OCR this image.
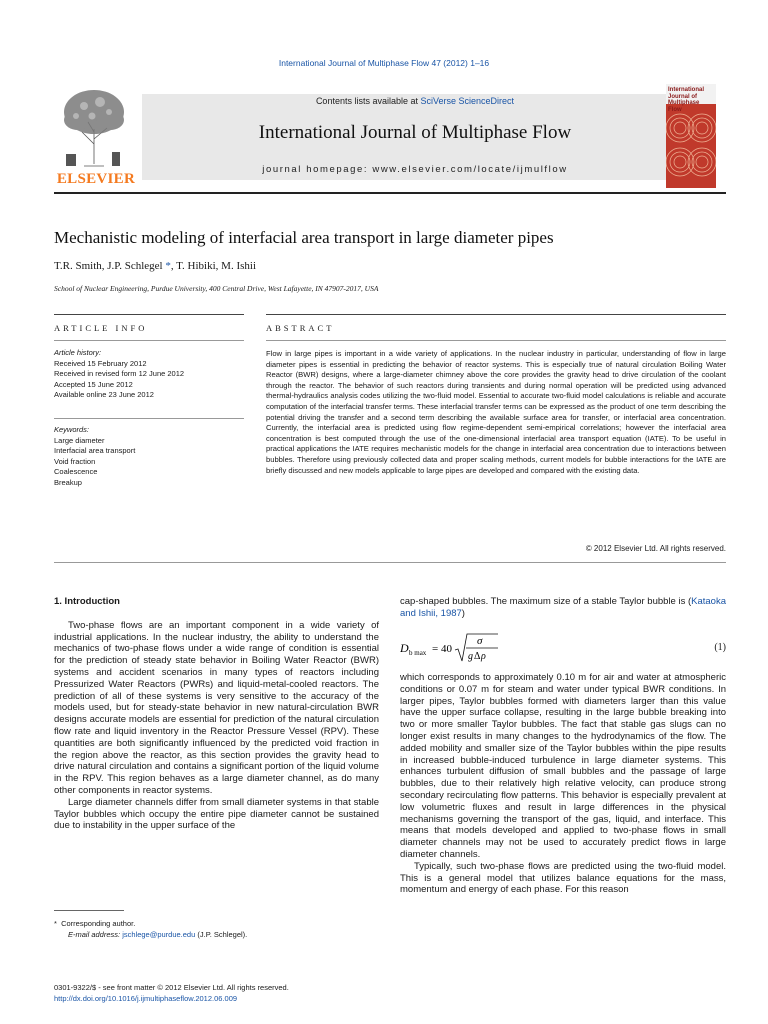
International Journal of Multiphase Flow 47 (2012) 1–16
ELSEVIER
Contents lists available at SciVerse ScienceDirect
International Journal of Multiphase Flow
journal homepage: www.elsevier.com/locate/ijmulflow
International Journal of Multiphase Flow
Mechanistic modeling of interfacial area transport in large diameter pipes
T.R. Smith, J.P. Schlegel *, T. Hibiki, M. Ishii
School of Nuclear Engineering, Purdue University, 400 Central Drive, West Lafayette, IN 47907-2017, USA
ARTICLE INFO	ABSTRACT
Article history:
Received 15 February 2012
Received in revised form 12 June 2012
Accepted 15 June 2012
Available online 23 June 2012
Keywords:
Large diameter
Interfacial area transport
Void fraction
Coalescence
Breakup
Flow in large pipes is important in a wide variety of applications. In the nuclear industry in particular, understanding of flow in large diameter pipes is essential in predicting the behavior of reactor systems. This is especially true of natural circulation Boiling Water Reactor (BWR) designs, where a large-diameter chimney above the core provides the gravity head to drive circulation of the coolant through the reactor. The behavior of such reactors during transients and during normal operation will be predicted using advanced thermal-hydraulics analysis codes utilizing the two-fluid model. Essential to accurate two-fluid model calculations is reliable and accurate computation of the interfacial transfer terms. These interfacial transfer terms can be expressed as the product of one term describing the potential driving the transfer and a second term describing the available surface area for transfer, or interfacial area concentration. Currently, the interfacial area is predicted using flow regime-dependent semi-empirical correlations; however the interfacial area concentration is best computed through the use of the one-dimensional interfacial area transport equation (IATE). To be useful in practical applications the IATE requires mechanistic models for the change in interfacial area concentration due to interactions between bubbles. Therefore using previously collected data and proper scaling methods, current models for bubble interactions for the IATE are briefly discussed and new models applicable to large pipes are developed and compared with the existing data.
© 2012 Elsevier Ltd. All rights reserved.
1. Introduction

Two-phase flows are an important component in a wide variety of industrial applications. In the nuclear industry, the ability to understand the mechanics of two-phase flows under a wide range of condition is essential for the prediction of steady state behavior in Boiling Water Reactor (BWR) systems and accident scenarios in many types of reactors including Pressurized Water Reactors (PWRs) and liquid-metal-cooled reactors. The prediction of all of these systems is very sensitive to the accuracy of the models used, but for steady-state behavior in new natural-circulation BWR designs accurate models are essential for prediction of the natural circulation flow rate and liquid inventory in the Reactor Pressure Vessel (RPV). These quantities are both significantly influenced by the predicted void fraction in the region above the reactor, as this section provides the gravity head to drive natural circulation and contains a significant portion of the liquid volume in the RPV. This region behaves as a large diameter channel, as do many other components in reactor systems.

Large diameter channels differ from small diameter systems in that stable Taylor bubbles which occupy the entire pipe diameter cannot be sustained due to instability in the upper surface of the

cap-shaped bubbles. The maximum size of a stable Taylor bubble is (Kataoka and Ishii, 1987)
D b max = 40
σ
g Δ ρ
(1)

which corresponds to approximately 0.10 m for air and water at atmospheric conditions or 0.07 m for steam and water under typical BWR conditions. In larger pipes, Taylor bubbles formed with diameters larger than this value have the upper surface collapse, resulting in the large bubble breaking into two or more smaller Taylor bubbles. The fact that stable gas slugs can no longer exist results in many changes to the hydrodynamics of the flow. The added mobility and smaller size of the Taylor bubbles within the pipe results in increased bubble-induced turbulence in large diameter systems. This enhances turbulent diffusion of small bubbles and the passage of large bubbles, due to their relatively high relative velocity, can produce strong secondary recirculating flow patterns. This behavior is especially prevalent at low volumetric fluxes and result in large differences in the physical mechanisms governing the transport of the gas, liquid, and interface. This means that models developed and applied to two-phase flows in small diameter channels may not be used to accurately predict flows in large diameter channels.

Typically, such two-phase flows are predicted using the two-fluid model. This is a general model that utilizes balance equations for the mass, momentum and energy of each phase. For this reason

* Corresponding author.
E-mail address: jschlege@purdue.edu (J.P. Schlegel).
0301-9322/$ - see front matter © 2012 Elsevier Ltd. All rights reserved.
http://dx.doi.org/10.1016/j.ijmultiphaseflow.2012.06.009
